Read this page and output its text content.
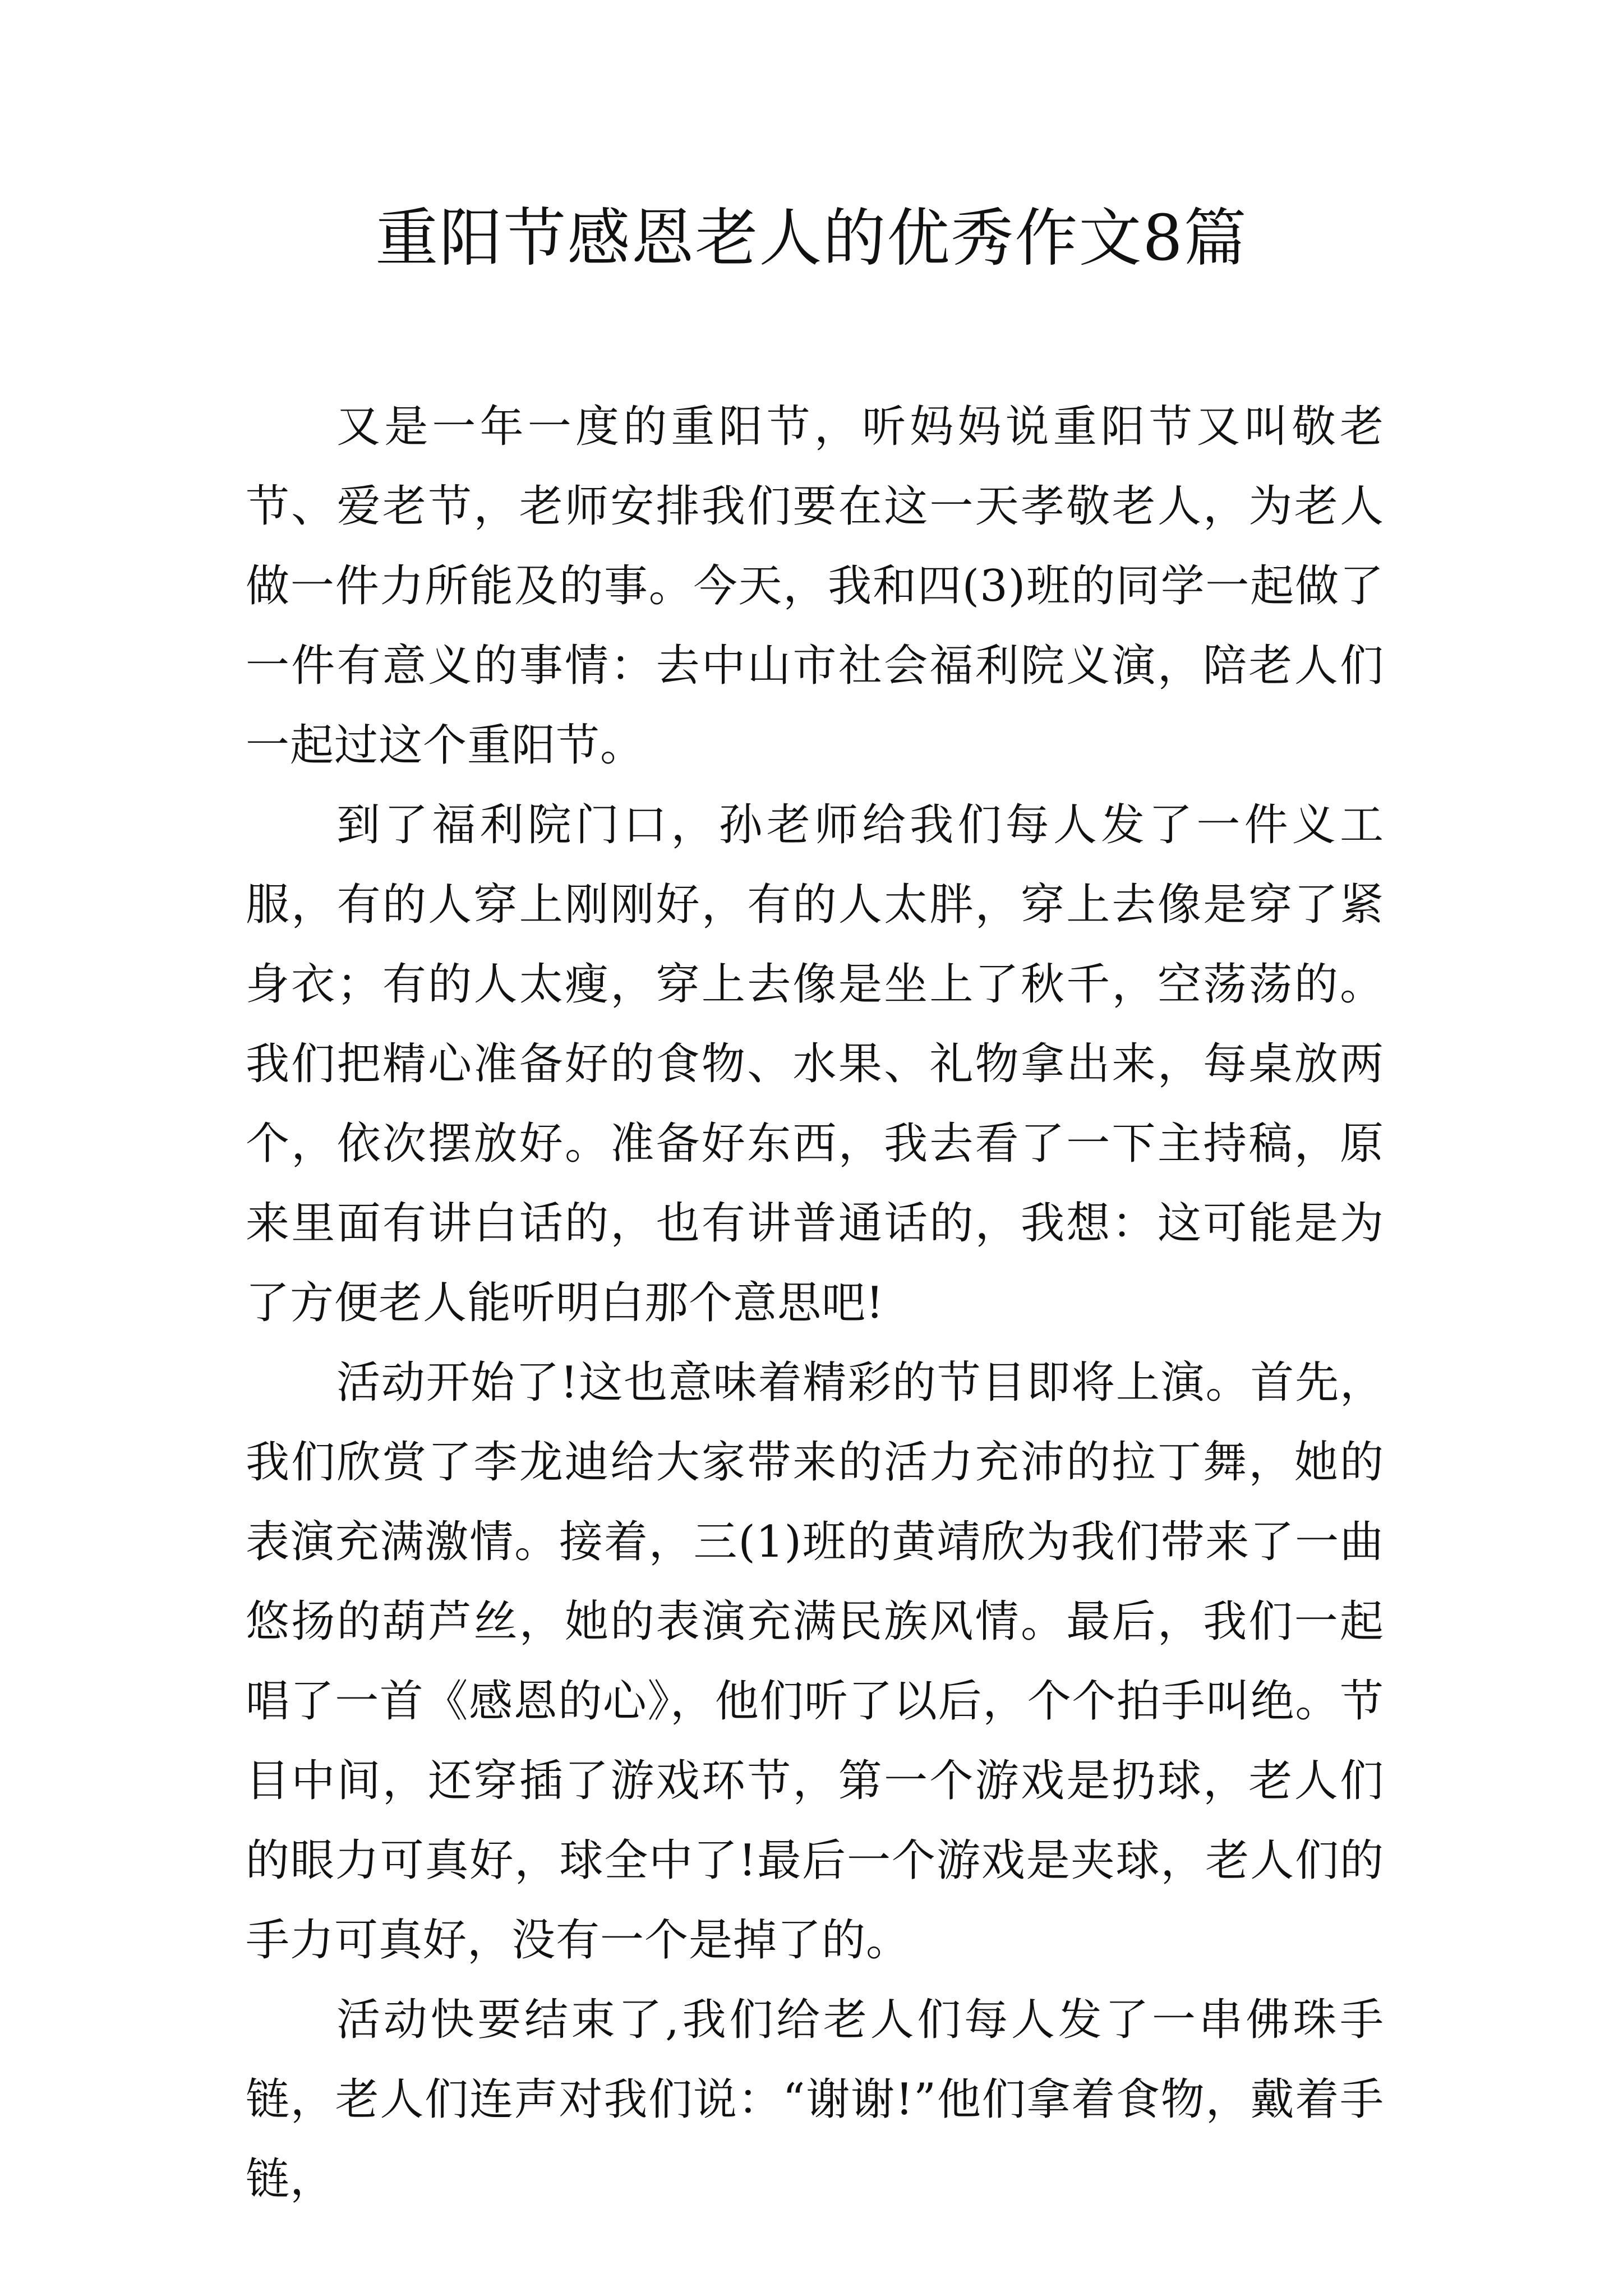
重阳节感恩老人的优秀作文8篇

又是一年一度的重阳节，听妈妈说重阳节又叫敬老节、爱老节，老师安排我们要在这一天孝敬老人，为老人做一件力所能及的事。今天，我和四(3)班的同学一起做了一件有意义的事情：去中山市社会福利院义演，陪老人们一起过这个重阳节。

到了福利院门口，孙老师给我们每人发了一件义工服，有的人穿上刚刚好，有的人太胖，穿上去像是穿了紧身衣；有的人太瘦，穿上去像是坐上了秋千，空荡荡的。我们把精心准备好的食物、水果、礼物拿出来，每桌放两个，依次摆放好。准备好东西，我去看了一下主持稿，原来里面有讲白话的，也有讲普通话的，我想：这可能是为了方便老人能听明白那个意思吧!

活动开始了!这也意味着精彩的节目即将上演。首先，我们欣赏了李龙迪给大家带来的活力充沛的拉丁舞，她的表演充满激情。接着，三(1)班的黄靖欣为我们带来了一曲悠扬的葫芦丝，她的表演充满民族风情。最后，我们一起唱了一首《感恩的心》，他们听了以后，个个拍手叫绝。节目中间，还穿插了游戏环节，第一个游戏是扔球，老人们的眼力可真好，球全中了!最后一个游戏是夹球，老人们的手力可真好，没有一个是掉了的。

活动快要结束了,我们给老人们每人发了一串佛珠手链，老人们连声对我们说：“谢谢!”他们拿着食物，戴着手链，
